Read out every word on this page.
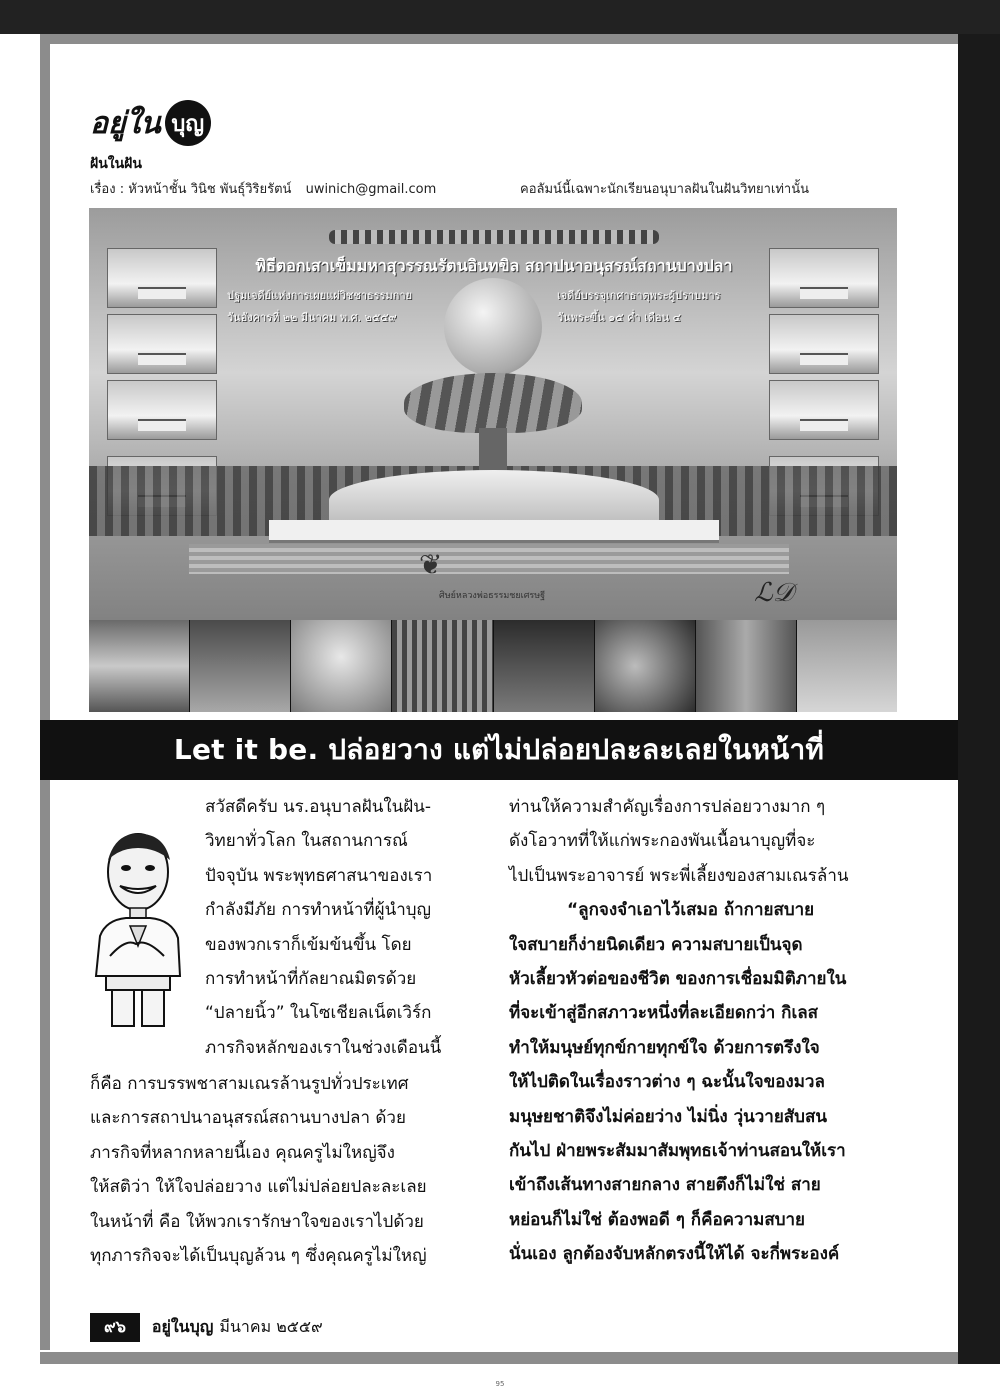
อยู่ใน บุญ
ฝันในฝัน
เรื่อง : หัวหน้าชั้น วินิช พันธุ์วิริยรัตน์ uwinich@gmail.com	คอลัมน์นี้เฉพาะนักเรียนอนุบาลฝันในฝันวิทยาเท่านั้น
พิธีตอกเสาเข็มมหาสุวรรณรัตนอินทขิล สถาปนาอนุสรณ์สถานบางปลา
ปฐมเจดีย์แห่งการเผยแผ่วิชชาธรรมกาย
วันอังคารที่ ๒๒ มีนาคม พ.ศ. ๒๕๕๙
เจดีย์บรรจุเกศาธาตุพระผู้ปราบมาร
วันพระขึ้น ๑๕ ค่ำ เดือน ๔
❦
ศิษย์หลวงพ่อธรรมชยเศรษฐี	ℒ𝒟
Let it be. ปล่อยวาง แต่ไม่ปล่อยปละละเลยในหน้าที่

สวัสดีครับ นร.อนุบาลฝันในฝัน-

วิทยาทั่วโลก ในสถานการณ์

ปัจจุบัน พระพุทธศาสนาของเรา

กำลังมีภัย การทำหน้าที่ผู้นำบุญ

ของพวกเราก็เข้มข้นขึ้น โดย

การทำหน้าที่กัลยาณมิตรด้วย

“ปลายนิ้ว” ในโซเชียลเน็ตเวิร์ก

ภารกิจหลักของเราในช่วงเดือนนี้

ก็คือ การบรรพชาสามเณรล้านรูปทั่วประเทศ

และการสถาปนาอนุสรณ์สถานบางปลา ด้วย

ภารกิจที่หลากหลายนี้เอง คุณครูไม่ใหญ่จึง

ให้สติว่า ให้ใจปล่อยวาง แต่ไม่ปล่อยปละละเลย

ในหน้าที่ คือ ให้พวกเรารักษาใจของเราไปด้วย

ทุกภารกิจจะได้เป็นบุญล้วน ๆ ซึ่งคุณครูไม่ใหญ่

ท่านให้ความสำคัญเรื่องการปล่อยวางมาก ๆ

ดังโอวาทที่ให้แก่พระกองพันเนื้อนาบุญที่จะ

ไปเป็นพระอาจารย์ พระพี่เลี้ยงของสามเณรล้าน

“ลูกจงจำเอาไว้เสมอ ถ้ากายสบาย

ใจสบายก็ง่ายนิดเดียว ความสบายเป็นจุด

หัวเลี้ยวหัวต่อของชีวิต ของการเชื่อมมิติภายใน

ที่จะเข้าสู่อีกสภาวะหนึ่งที่ละเอียดกว่า กิเลส

ทำให้มนุษย์ทุกข์กายทุกข์ใจ ด้วยการตรึงใจ

ให้ไปติดในเรื่องราวต่าง ๆ ฉะนั้นใจของมวล

มนุษยชาติจึงไม่ค่อยว่าง ไม่นิ่ง วุ่นวายสับสน

กันไป ฝ่ายพระสัมมาสัมพุทธเจ้าท่านสอนให้เรา

เข้าถึงเส้นทางสายกลาง สายตึงก็ไม่ใช่ สาย

หย่อนก็ไม่ใช่ ต้องพอดี ๆ ก็คือความสบาย

นั่นเอง ลูกต้องจับหลักตรงนี้ให้ได้ จะกี่พระองค์

๙๖	อยู่ในบุญ มีนาคม ๒๕๕๙
95
